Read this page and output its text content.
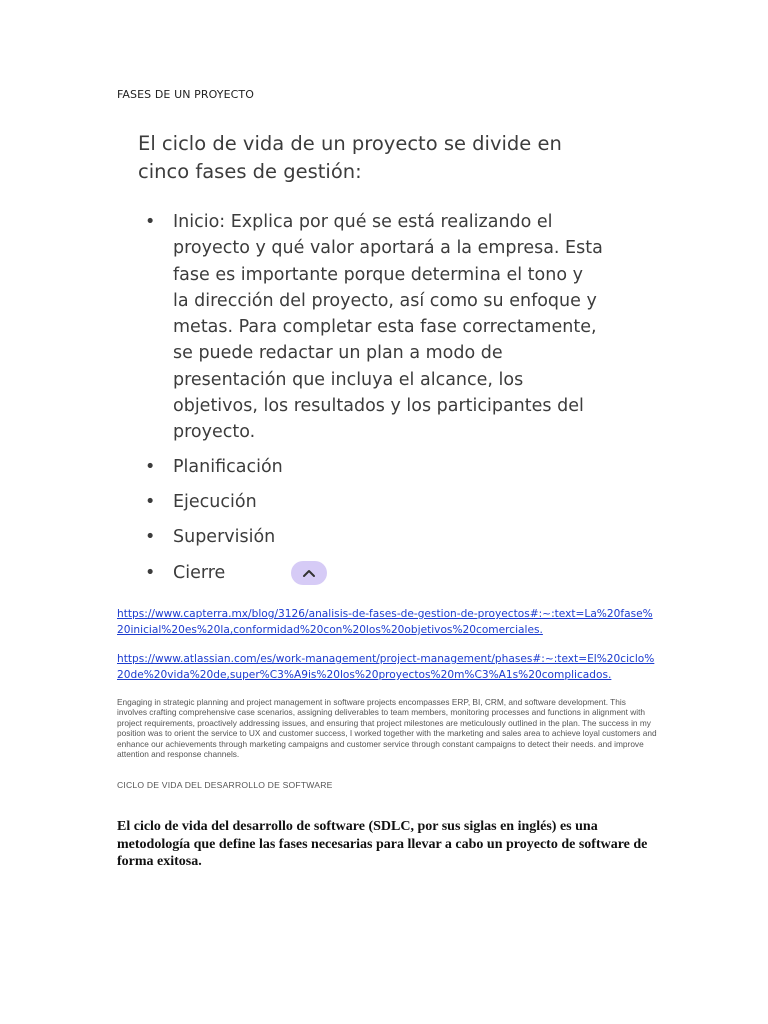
FASES DE UN PROYECTO

El ciclo de vida de un proyecto se divide en cinco fases de gestión:

• Inicio: Explica por qué se está realizando el proyecto y qué valor aportará a la empresa. Esta fase es importante porque determina el tono y la dirección del proyecto, así como su enfoque y metas. Para completar esta fase correctamente, se puede redactar un plan a modo de presentación que incluya el alcance, los objetivos, los resultados y los participantes del proyecto.
• Planificación
• Ejecución
• Supervisión
• Cierre
https://www.capterra.mx/blog/3126/analisis-de-fases-de-gestion-de-proyectos#:~:text=La%20fase%20inicial%20es%20la,conformidad%20con%20los%20objetivos%20comerciales.
https://www.atlassian.com/es/work-management/project-management/phases#:~:text=El%20ciclo%20de%20vida%20de,super%C3%A9is%20los%20proyectos%20m%C3%A1s%20complicados.

Engaging in strategic planning and project management in software projects encompasses ERP, BI, CRM, and software development. This involves crafting comprehensive case scenarios, assigning deliverables to team members, monitoring processes and functions in alignment with project requirements, proactively addressing issues, and ensuring that project milestones are meticulously outlined in the plan. The success in my position was to orient the service to UX and customer success, I worked together with the marketing and sales area to achieve loyal customers and enhance our achievements through marketing campaigns and customer service through constant campaigns to detect their needs. and improve attention and response channels.

CICLO DE VIDA DEL DESARROLLO DE SOFTWARE

El ciclo de vida del desarrollo de software (SDLC, por sus siglas en inglés) es una metodología que define las fases necesarias para llevar a cabo un proyecto de software de forma exitosa.
